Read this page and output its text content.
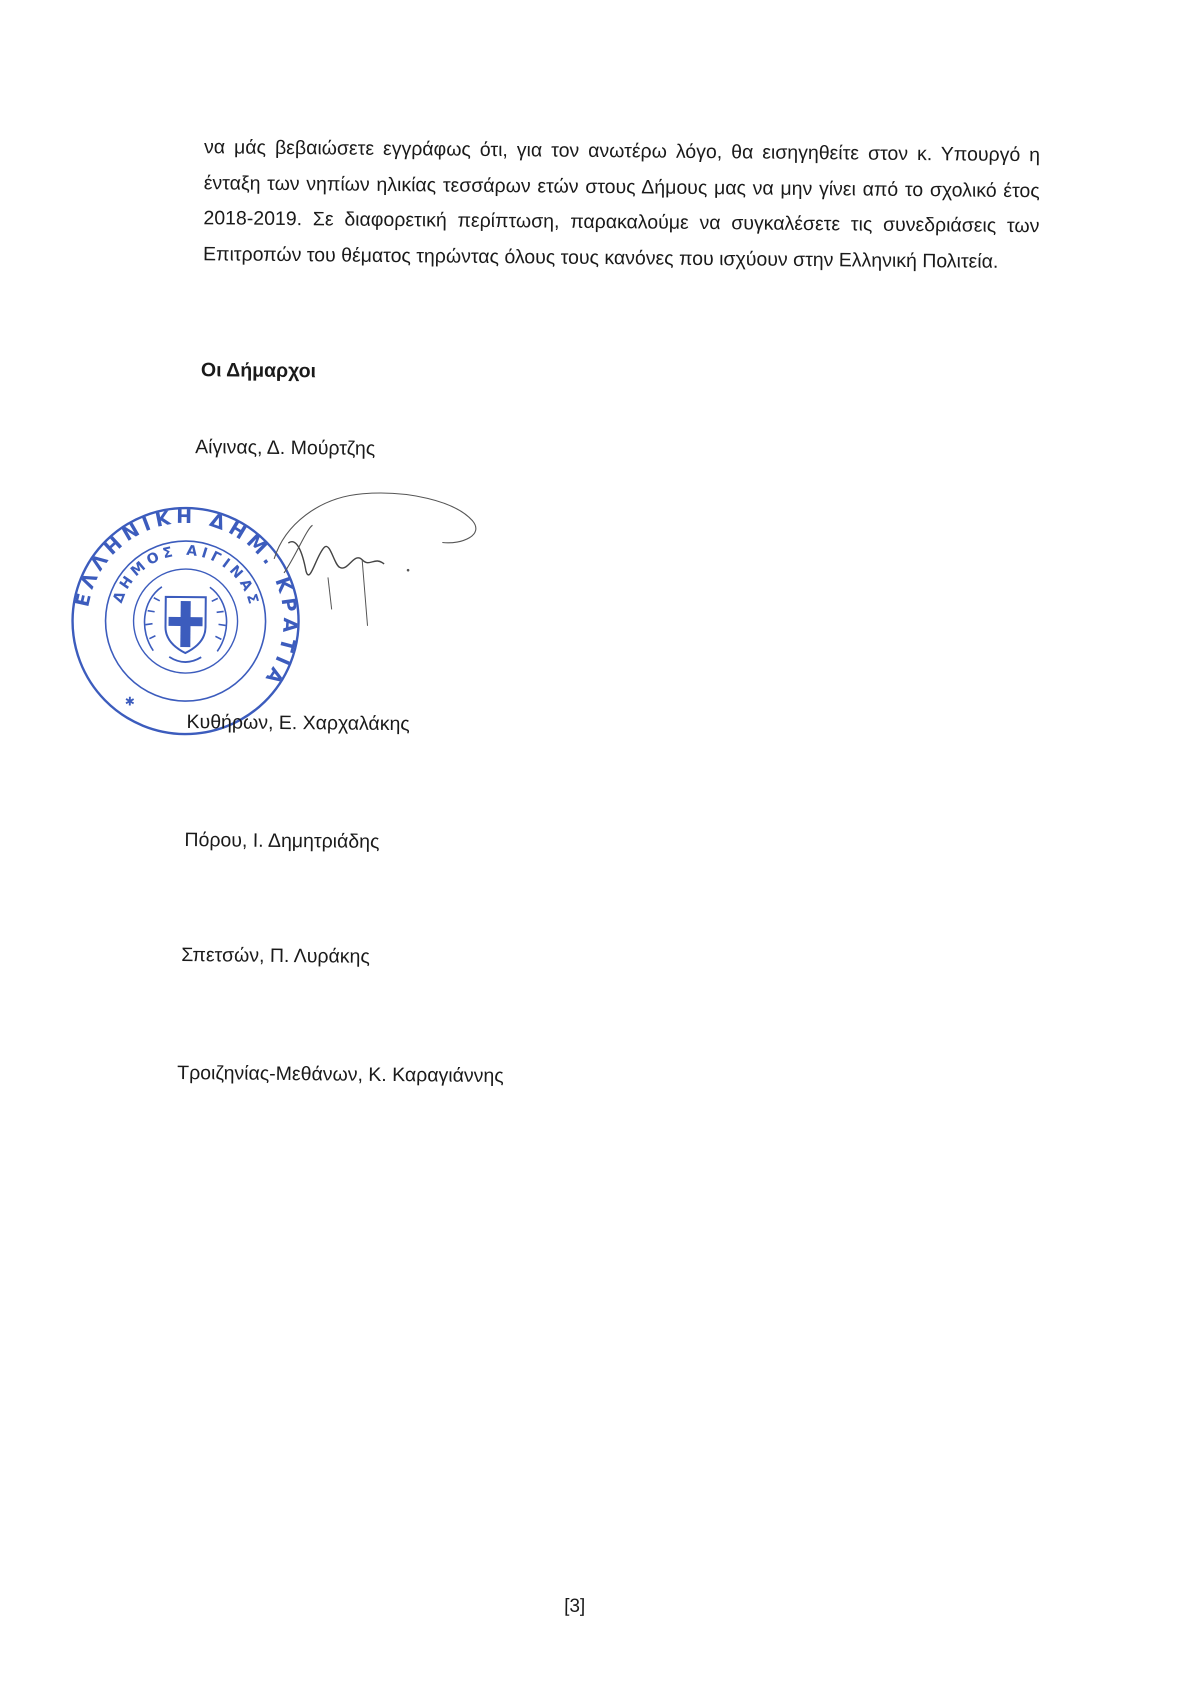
να μάς βεβαιώσετε εγγράφως ότι, για τον ανωτέρω λόγο, θα εισηγηθείτε στον κ. Υπουργό η ένταξη των νηπίων ηλικίας τεσσάρων ετών στους Δήμους μας να μην γίνει από το σχολικό έτος 2018-2019. Σε διαφορετική περίπτωση, παρακαλούμε να συγκαλέσετε τις συνεδριάσεις των Επιτροπών του θέματος τηρώντας όλους τους κανόνες που ισχύουν στην Ελληνική Πολιτεία.

Οι Δήμαρχοι

Αίγινας, Δ. Μούρτζης

ΕΛΛΗΝΙΚΗ ΔΗΜ. ΚΡΑΤΙΑ
ΔΗΜΟΣ ΑΙΓΙΝΑΣ
✱

Κυθήρων, Ε. Χαρχαλάκης

Πόρου, Ι. Δημητριάδης

Σπετσών, Π. Λυράκης

Τροιζηνίας-Μεθάνων, Κ. Καραγιάννης

[3]
